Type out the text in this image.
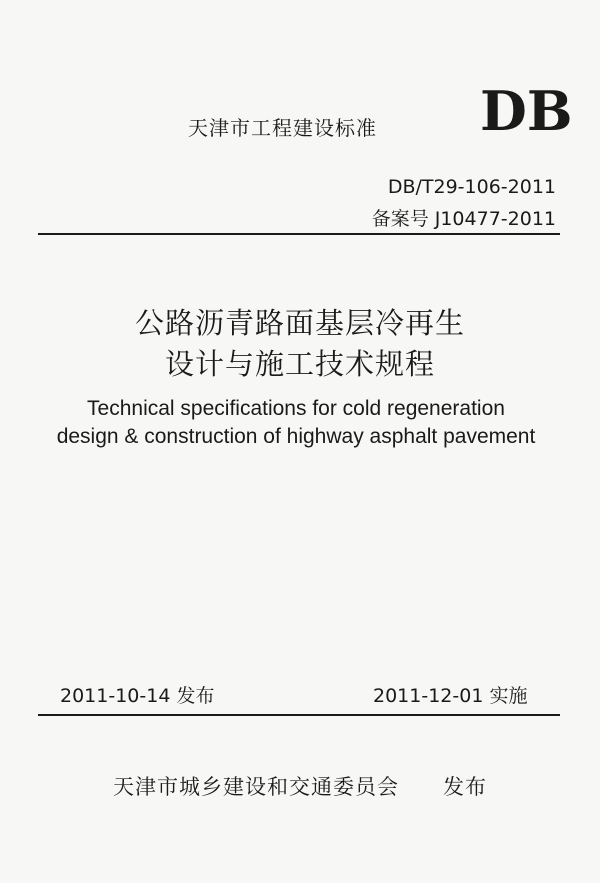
天津市工程建设标准 DB
DB/T29-106-2011
备案号 J10477-2011
公路沥青路面基层冷再生
设计与施工技术规程
Technical specifications for cold regeneration
design & construction of highway asphalt pavement
2011-10-14 发布	2011-12-01 实施
天津市城乡建设和交通委员会 发布
